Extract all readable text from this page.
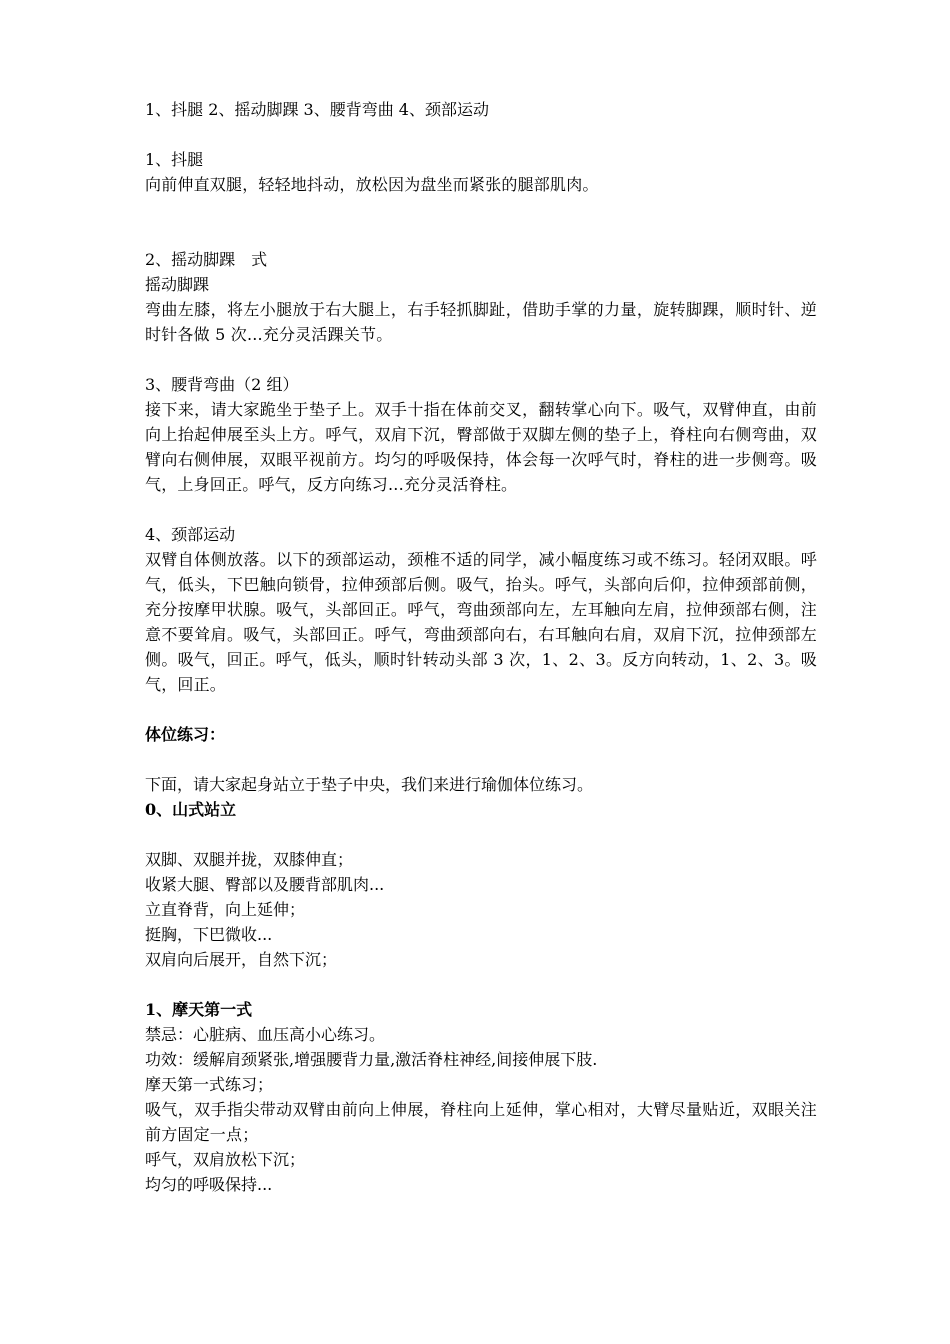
1、抖腿 2、摇动脚踝 3、腰背弯曲 4、颈部运动
1、抖腿
向前伸直双腿，轻轻地抖动，放松因为盘坐而紧张的腿部肌肉。
2、摇动脚踝　式
摇动脚踝
弯曲左膝，将左小腿放于右大腿上，右手轻抓脚趾，借助手掌的力量，旋转脚踝，顺时针、逆时针各做 5 次...充分灵活踝关节。
3、腰背弯曲（2 组）
接下来，请大家跪坐于垫子上。双手十指在体前交叉，翻转掌心向下。吸气，双臂伸直，由前向上抬起伸展至头上方。呼气，双肩下沉，臀部做于双脚左侧的垫子上，脊柱向右侧弯曲，双臂向右侧伸展，双眼平视前方。均匀的呼吸保持，体会每一次呼气时，脊柱的进一步侧弯。吸气，上身回正。呼气，反方向练习...充分灵活脊柱。
4、颈部运动
双臂自体侧放落。以下的颈部运动，颈椎不适的同学，减小幅度练习或不练习。轻闭双眼。呼气，低头，下巴触向锁骨，拉伸颈部后侧。吸气，抬头。呼气，头部向后仰，拉伸颈部前侧，充分按摩甲状腺。吸气，头部回正。呼气，弯曲颈部向左，左耳触向左肩，拉伸颈部右侧，注意不要耸肩。吸气，头部回正。呼气，弯曲颈部向右，右耳触向右肩，双肩下沉，拉伸颈部左侧。吸气，回正。呼气，低头，顺时针转动头部 3 次，1、2、3。反方向转动，1、2、3。吸气，回正。
体位练习：
下面，请大家起身站立于垫子中央，我们来进行瑜伽体位练习。
0、山式站立
双脚、双腿并拢，双膝伸直；
收紧大腿、臀部以及腰背部肌肉...
立直脊背，向上延伸；
挺胸，下巴微收...
双肩向后展开，自然下沉；
1、摩天第一式
禁忌：心脏病、血压高小心练习。
功效：缓解肩颈紧张,增强腰背力量,激活脊柱神经,间接伸展下肢.
摩天第一式练习；
吸气，双手指尖带动双臂由前向上伸展，脊柱向上延伸，掌心相对，大臂尽量贴近，双眼关注前方固定一点；
呼气，双肩放松下沉；
均匀的呼吸保持...
